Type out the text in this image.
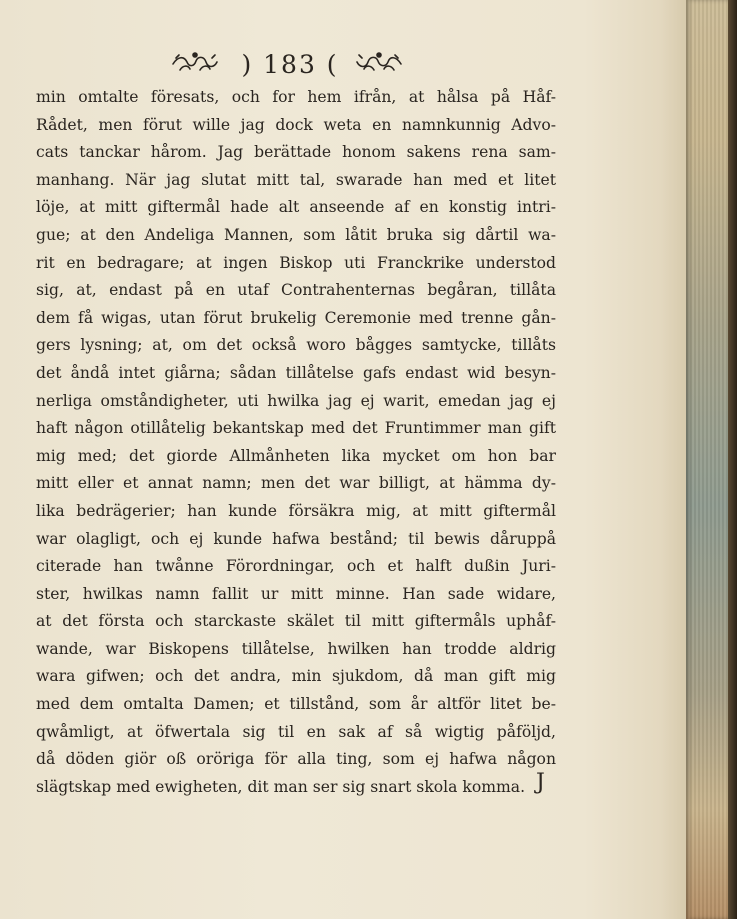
) 183 (
min omtalte föresats, och for hem ifrån, at hålsa på Håf-
Rådet, men förut wille jag dock weta en namnkunnig Advo-
cats tanckar hårom. Jag berättade honom sakens rena sam-
manhang. När jag slutat mitt tal, swarade han med et litet
löje, at mitt giftermål hade alt anseende af en konstig intri-
gue; at den Andeliga Mannen, som låtit bruka sig dårtil wa-
rit en bedragare; at ingen Biskop uti Franckrike understod
sig, at, endast på en utaf Contrahenternas begåran, tillåta
dem få wigas, utan förut brukelig Ceremonie med trenne gån-
gers lysning; at, om det också woro bågges samtycke, tillåts
det åndå intet giårna; sådan tillåtelse gafs endast wid besyn-
nerliga omståndigheter, uti hwilka jag ej warit, emedan jag ej
haft någon otillåtelig bekantskap med det Fruntimmer man gift
mig med; det giorde Allmånheten lika mycket om hon bar
mitt eller et annat namn; men det war billigt, at hämma dy-
lika bedrägerier; han kunde försäkra mig, at mitt giftermål
war olagligt, och ej kunde hafwa bestånd; til bewis dåruppå
citerade han twånne Förordningar, och et halft dußin Juri-
ster, hwilkas namn fallit ur mitt minne. Han sade widare,
at det första och starckaste skälet til mitt giftermåls uphåf-
wande, war Biskopens tillåtelse, hwilken han trodde aldrig
wara gifwen; och det andra, min sjukdom, då man gift mig
med dem omtalta Damen; et tillstånd, som år altför litet be-
qwåmligt, at öfwertala sig til en sak af så wigtig påföljd,
då döden giör oß oröriga för alla ting, som ej hafwa någon
slägtskap med ewigheten, dit man ser sig snart skola komma. J
